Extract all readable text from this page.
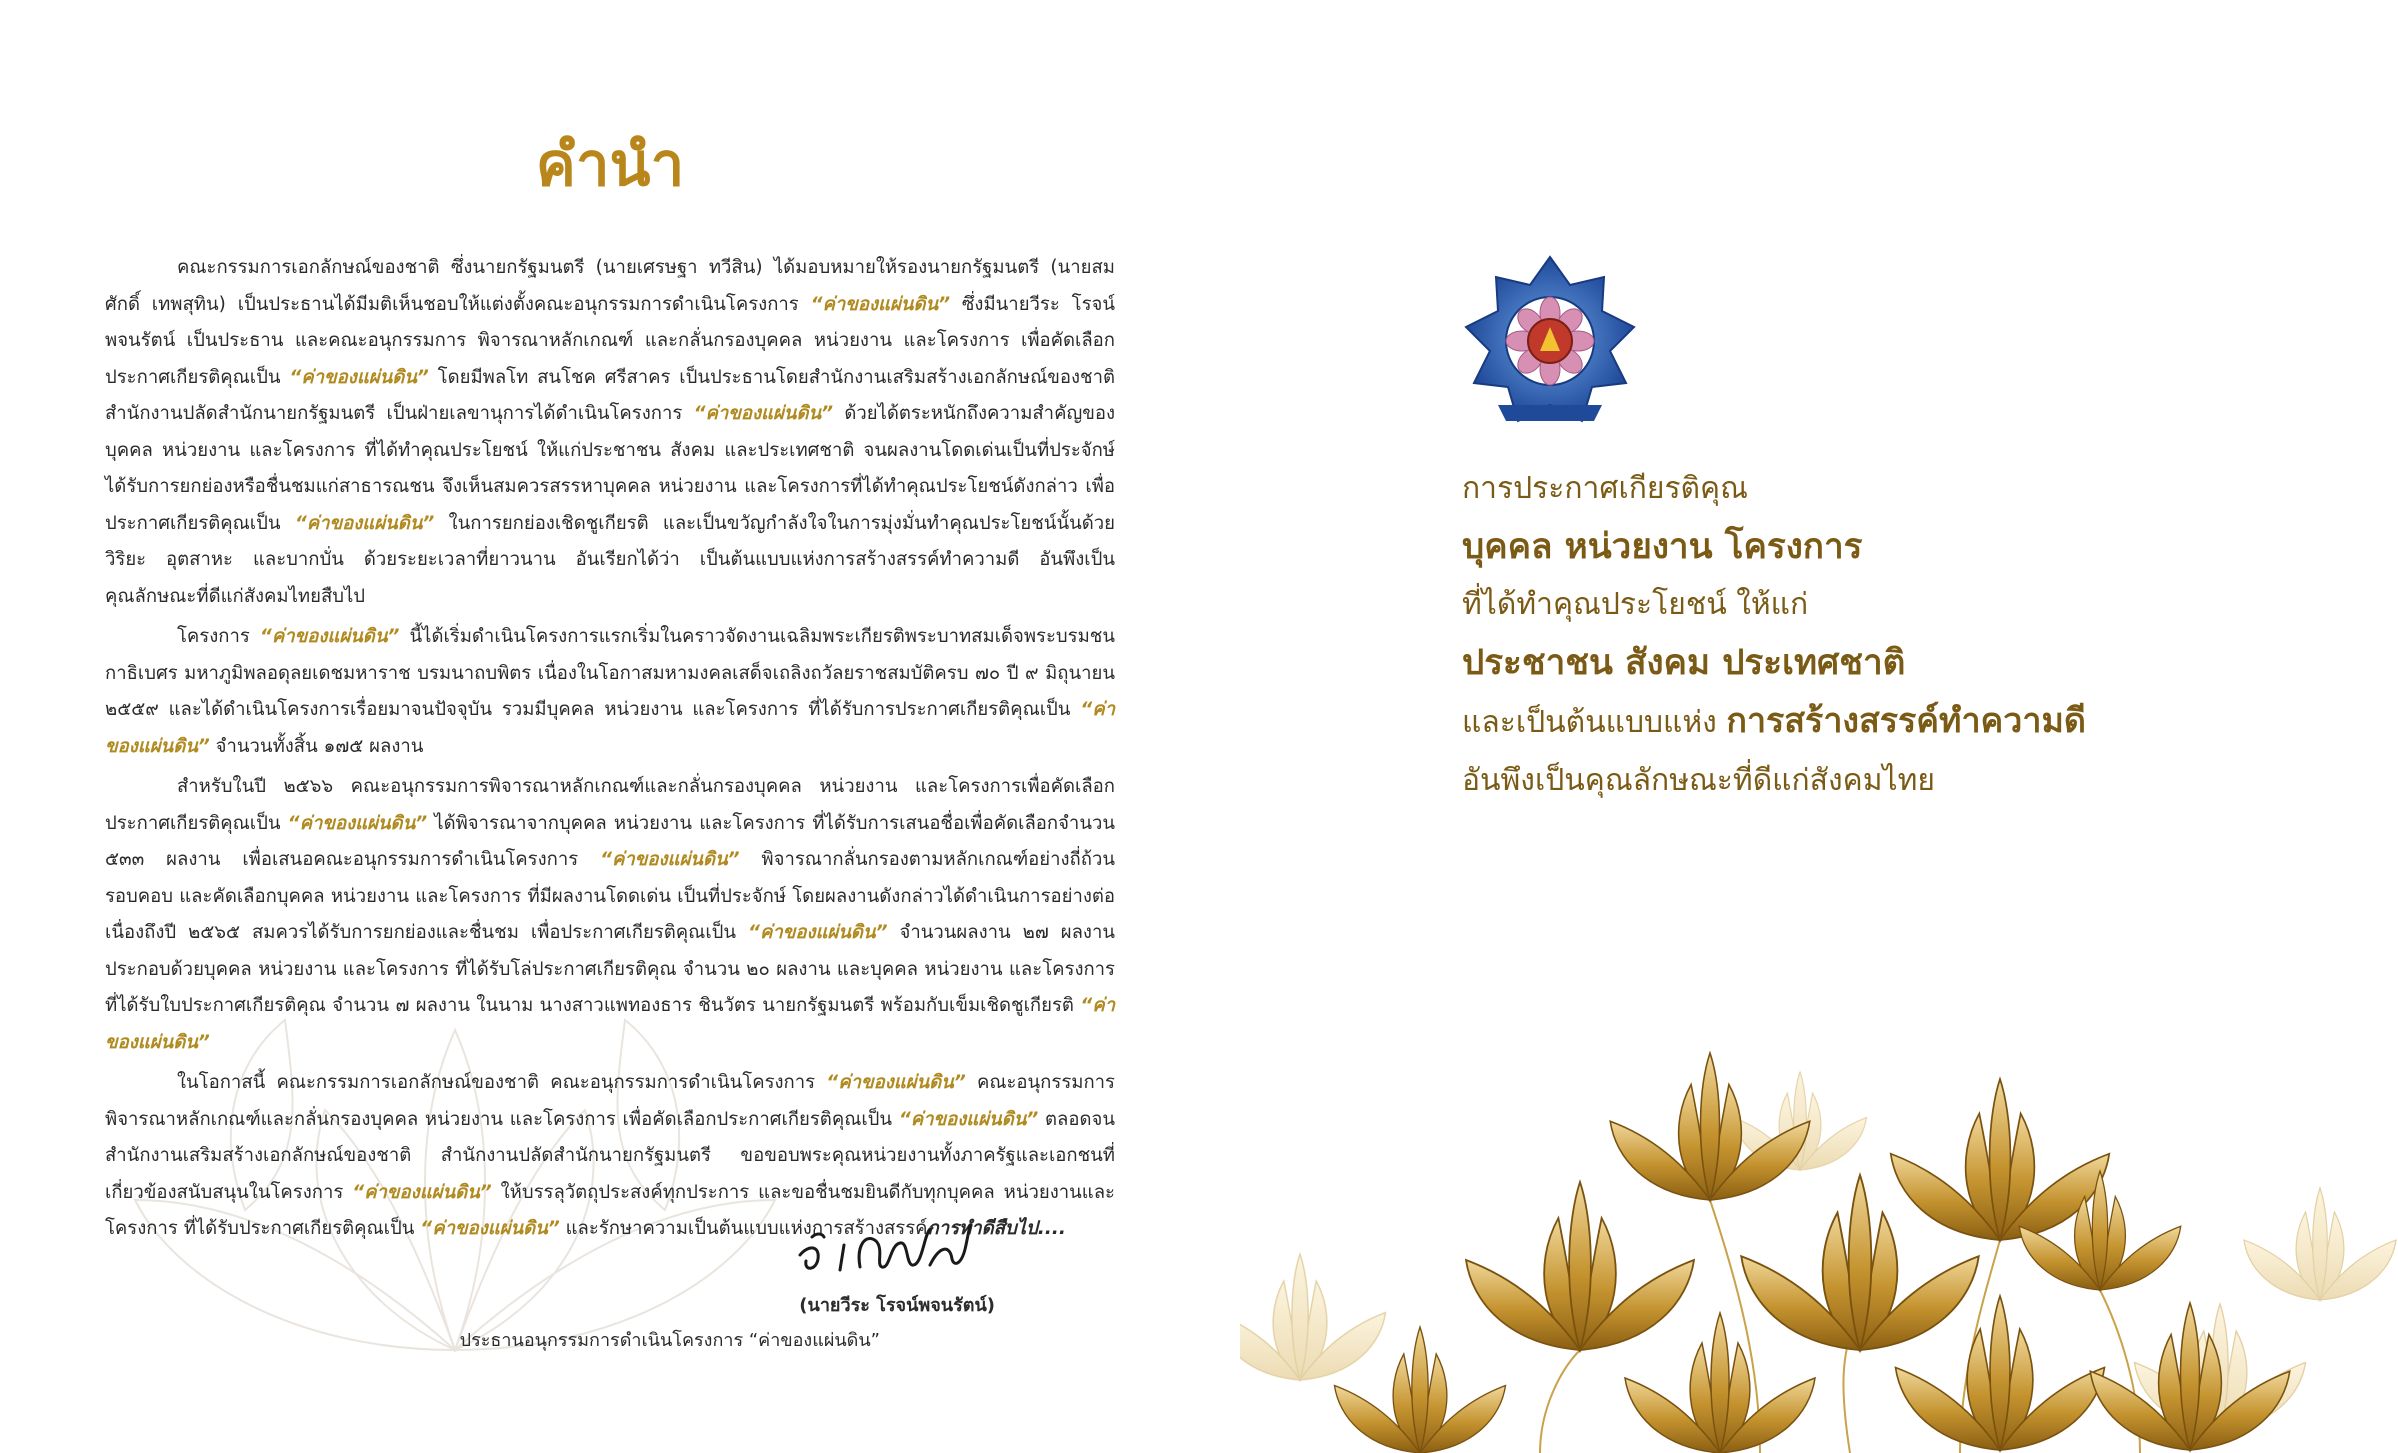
คำนำ

คณะกรรมการเอกลักษณ์ของชาติ ซึ่งนายกรัฐมนตรี (นายเศรษฐา ทวีสิน) ได้มอบหมายให้รองนายกรัฐมนตรี (นายสมศักดิ์ เทพสุทิน) เป็นประธานได้มีมติเห็นชอบให้แต่งตั้งคณะอนุกรรมการดำเนินโครงการ “ค่าของแผ่นดิน” ซึ่งมีนายวีระ โรจน์พจนรัตน์ เป็นประธาน และคณะอนุกรรมการ พิจารณาหลักเกณฑ์ และกลั่นกรองบุคคล หน่วยงาน และโครงการ เพื่อคัดเลือกประกาศเกียรติคุณเป็น “ค่าของแผ่นดิน” โดยมีพลโท สนโชค ศรีสาคร เป็นประธานโดยสำนักงานเสริมสร้างเอกลักษณ์ของชาติ สำนักงานปลัดสำนักนายกรัฐมนตรี เป็นฝ่ายเลขานุการได้ดำเนินโครงการ “ค่าของแผ่นดิน” ด้วยได้ตระหนักถึงความสำคัญของบุคคล หน่วยงาน และโครงการ ที่ได้ทำคุณประโยชน์ ให้แก่ประชาชน สังคม และประเทศชาติ จนผลงานโดดเด่นเป็นที่ประจักษ์ ได้รับการยกย่องหรือชื่นชมแก่สาธารณชน จึงเห็นสมควรสรรหาบุคคล หน่วยงาน และโครงการที่ได้ทำคุณประโยชน์ดังกล่าว เพื่อประกาศเกียรติคุณเป็น “ค่าของแผ่นดิน” ในการยกย่องเชิดชูเกียรติ และเป็นขวัญกำลังใจในการมุ่งมั่นทำคุณประโยชน์นั้นด้วยวิริยะ อุตสาหะ และบากบั่น ด้วยระยะเวลาที่ยาวนาน อันเรียกได้ว่า เป็นต้นแบบแห่งการสร้างสรรค์ทำความดี อันพึงเป็นคุณลักษณะที่ดีแก่สังคมไทยสืบไป

โครงการ “ค่าของแผ่นดิน” นี้ได้เริ่มดำเนินโครงการแรกเริ่มในคราวจัดงานเฉลิมพระเกียรติพระบาทสมเด็จพระบรมชนกาธิเบศร มหาภูมิพลอดุลยเดชมหาราช บรมนาถบพิตร เนื่องในโอกาสมหามงคลเสด็จเถลิงถวัลยราชสมบัติครบ ๗๐ ปี ๙ มิถุนายน ๒๕๕๙ และได้ดำเนินโครงการเรื่อยมาจนปัจจุบัน รวมมีบุคคล หน่วยงาน และโครงการ ที่ได้รับการประกาศเกียรติคุณเป็น “ค่าของแผ่นดิน” จำนวนทั้งสิ้น ๑๗๕ ผลงาน

สำหรับในปี ๒๕๖๖ คณะอนุกรรมการพิจารณาหลักเกณฑ์และกลั่นกรองบุคคล หน่วยงาน และโครงการเพื่อคัดเลือกประกาศเกียรติคุณเป็น “ค่าของแผ่นดิน” ได้พิจารณาจากบุคคล หน่วยงาน และโครงการ ที่ได้รับการเสนอชื่อเพื่อคัดเลือกจำนวน ๕๓๓ ผลงาน เพื่อเสนอคณะอนุกรรมการดำเนินโครงการ “ค่าของแผ่นดิน” พิจารณากลั่นกรองตามหลักเกณฑ์อย่างถี่ถ้วนรอบคอบ และคัดเลือกบุคคล หน่วยงาน และโครงการ ที่มีผลงานโดดเด่น เป็นที่ประจักษ์ โดยผลงานดังกล่าวได้ดำเนินการอย่างต่อเนื่องถึงปี ๒๕๖๕ สมควรได้รับการยกย่องและชื่นชม เพื่อประกาศเกียรติคุณเป็น “ค่าของแผ่นดิน” จำนวนผลงาน ๒๗ ผลงาน ประกอบด้วยบุคคล หน่วยงาน และโครงการ ที่ได้รับโล่ประกาศเกียรติคุณ จำนวน ๒๐ ผลงาน และบุคคล หน่วยงาน และโครงการ ที่ได้รับใบประกาศเกียรติคุณ จำนวน ๗ ผลงาน ในนาม นางสาวแพทองธาร ชินวัตร นายกรัฐมนตรี พร้อมกับเข็มเชิดชูเกียรติ “ค่าของแผ่นดิน”

ในโอกาสนี้ คณะกรรมการเอกลักษณ์ของชาติ คณะอนุกรรมการดำเนินโครงการ “ค่าของแผ่นดิน” คณะอนุกรรมการพิจารณาหลักเกณฑ์และกลั่นกรองบุคคล หน่วยงาน และโครงการ เพื่อคัดเลือกประกาศเกียรติคุณเป็น “ค่าของแผ่นดิน” ตลอดจนสำนักงานเสริมสร้างเอกลักษณ์ของชาติ สำนักงานปลัดสำนักนายกรัฐมนตรี ขอขอบพระคุณหน่วยงานทั้งภาครัฐและเอกชนที่เกี่ยวข้องสนับสนุนในโครงการ “ค่าของแผ่นดิน” ให้บรรลุวัตถุประสงค์ทุกประการ และขอชื่นชมยินดีกับทุกบุคคล หน่วยงานและโครงการ ที่ได้รับประกาศเกียรติคุณเป็น “ค่าของแผ่นดิน” และรักษาความเป็นต้นแบบแห่งการสร้างสรรค์การทำดีสืบไป....

(นายวีระ โรจน์พจนรัตน์)
ประธานอนุกรรมการดำเนินโครงการ “ค่าของแผ่นดิน”

การประกาศเกียรติคุณ

บุคคล หน่วยงาน โครงการ

ที่ได้ทำคุณประโยชน์ ให้แก่

ประชาชน สังคม ประเทศชาติ

และเป็นต้นแบบแห่ง การสร้างสรรค์ทำความดี

อันพึงเป็นคุณลักษณะที่ดีแก่สังคมไทย
